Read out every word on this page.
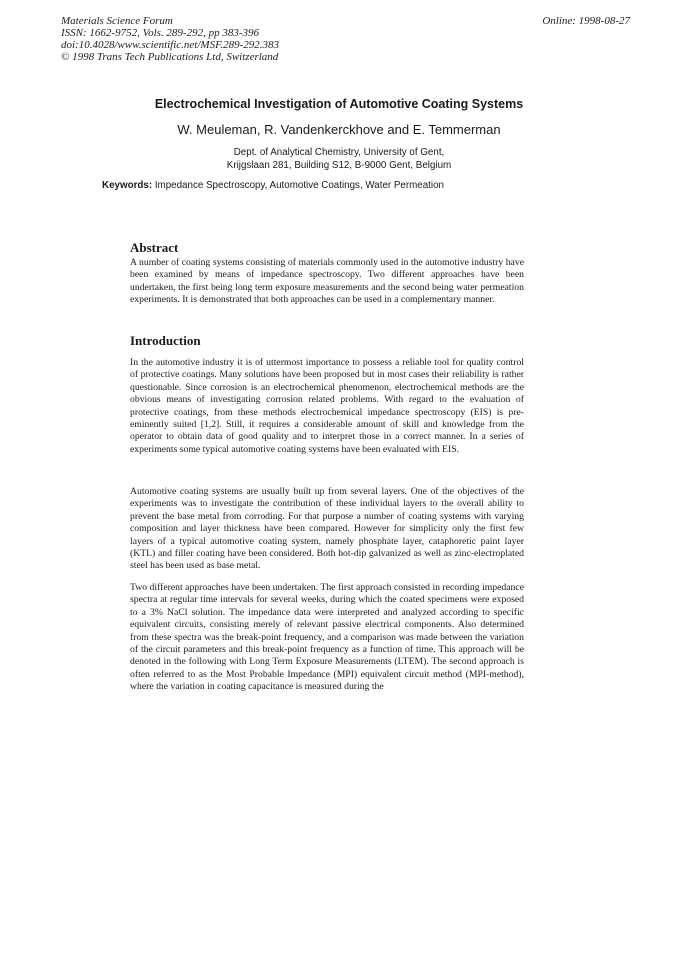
Materials Science Forum
ISSN: 1662-9752, Vols. 289-292, pp 383-396
doi:10.4028/www.scientific.net/MSF.289-292.383
© 1998 Trans Tech Publications Ltd, Switzerland
Online: 1998-08-27
Electrochemical Investigation of Automotive Coating Systems
W. Meuleman, R. Vandenkerckhove and E. Temmerman
Dept. of Analytical Chemistry, University of Gent,
Krijgslaan 281, Building S12, B-9000 Gent, Belgium
Keywords: Impedance Spectroscopy, Automotive Coatings, Water Permeation
Abstract
A number of coating systems consisting of materials commonly used in the automotive industry have been examined by means of impedance spectroscopy. Two different approaches have been undertaken, the first being long term exposure measurements and the second being water permeation experiments. It is demonstrated that both approaches can be used in a complementary manner.
Introduction
In the automotive industry it is of uttermost importance to possess a reliable tool for quality control of protective coatings. Many solutions have been proposed but in most cases their reliability is rather questionable. Since corrosion is an electrochemical phenomenon, electrochemical methods are the obvious means of investigating corrosion related problems. With regard to the evaluation of protective coatings, from these methods electrochemical impedance spectroscopy (EIS) is pre-eminently suited [1,2]. Still, it requires a considerable amount of skill and knowledge from the operator to obtain data of good quality and to interpret those in a correct manner. In a series of experiments some typical automotive coating systems have been evaluated with EIS.
Automotive coating systems are usually built up from several layers. One of the objectives of the experiments was to investigate the contribution of these individual layers to the overall ability to prevent the base metal from corroding. For that purpose a number of coating systems with varying composition and layer thickness have been compared. However for simplicity only the first few layers of a typical automotive coating system, namely phosphate layer, cataphoretic paint layer (KTL) and filler coating have been considered. Both hot-dip galvanized as well as zinc-electroplated steel has been used as base metal.
Two different approaches have been undertaken. The first approach consisted in recording impedance spectra at regular time intervals for several weeks, during which the coated specimens were exposed to a 3% NaCl solution. The impedance data were interpreted and analyzed according to specific equivalent circuits, consisting merely of relevant passive electrical components. Also determined from these spectra was the break-point frequency, and a comparison was made between the variation of the circuit parameters and this break-point frequency as a function of time. This approach will be denoted in the following with Long Term Exposure Measurements (LTEM). The second approach is often referred to as the Most Probable Impedance (MPI) equivalent circuit method (MPI-method), where the variation in coating capacitance is measured during the
